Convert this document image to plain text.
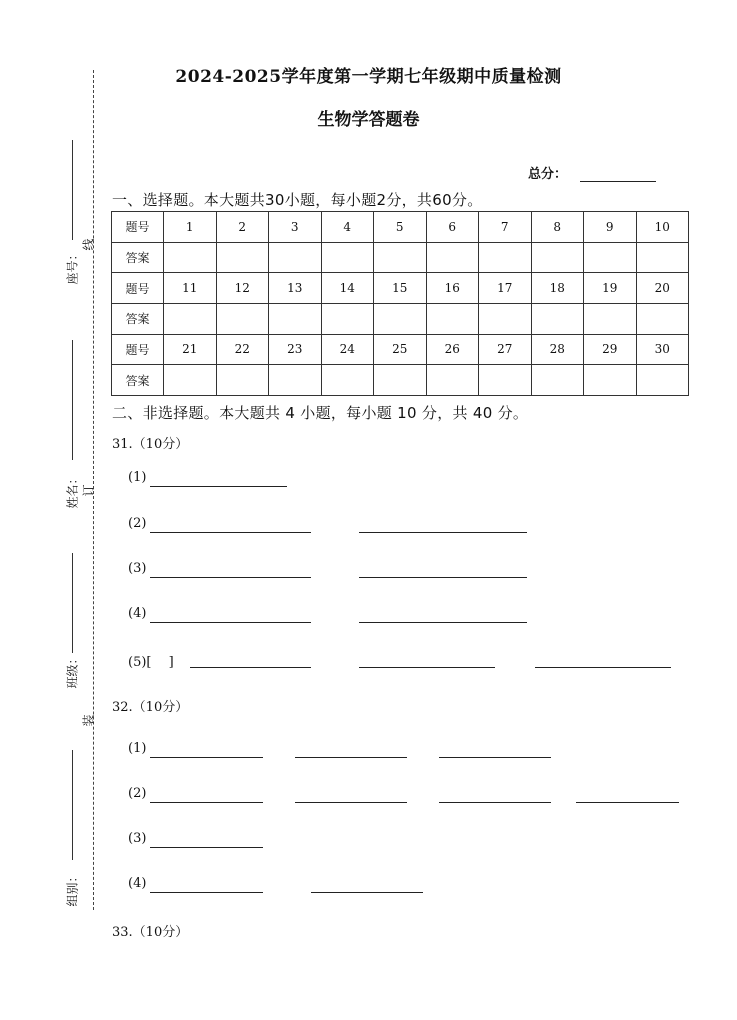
座号：
姓名：
班级：
组别：
线
订
装
2024-2025学年度第一学期七年级期中质量检测
生物学答题卷
总分：
一、选择题。本大题共30小题，每小题2分，共60分。
题号	1	2	3	4	5	6	7	8	9	10
答案										
题号	11	12	13	14	15	16	17	18	19	20
答案										
题号	21	22	23	24	25	26	27	28	29	30
答案										
二、非选择题。本大题共 4 小题，每小题 10 分，共 40 分。
31.（10分）
(1)
(2)
(3)
(4)
(5)[　 ]
32.（10分）
(1)
(2)
(3)
(4)
33.（10分）
